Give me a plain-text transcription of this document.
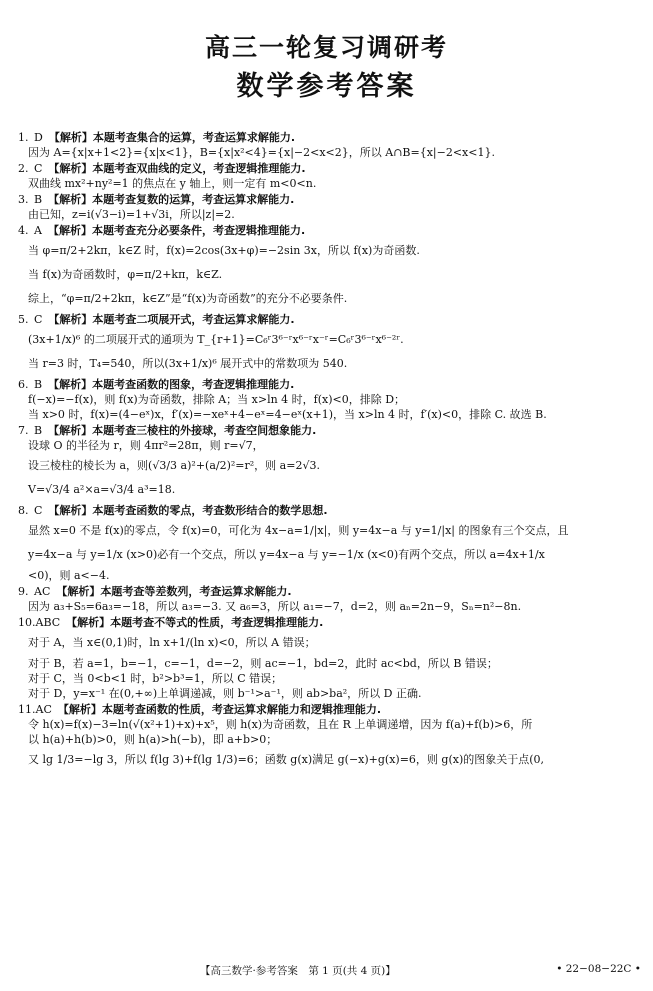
高三一轮复习调研考
数学参考答案
1. D 【解析】 本题考查集合的运算，考查运算求解能力.
因为 A={x|x+1<2}={x|x<1}，B={x|x²<4}={x|−2<x<2}，所以 A∩B={x|−2<x<1}.
2. C 【解析】 本题考查双曲线的定义，考查逻辑推理能力.
双曲线 mx²+ny²=1 的焦点在 y 轴上，则一定有 m<0<n.
3. B 【解析】 本题考查复数的运算，考查运算求解能力.
由已知，z=i(√3−i)=1+√3i，所以|z|=2.
4. A 【解析】 本题考查充分必要条件，考查逻辑推理能力.
当 φ=π/2+2kπ，k∈Z 时，f(x)=2cos(3x+φ)=−2sin 3x，所以 f(x)为奇函数.
当 f(x)为奇函数时，φ=π/2+kπ，k∈Z.
综上，“φ=π/2+2kπ，k∈Z”是“f(x)为奇函数”的充分不必要条件.
5. C 【解析】 本题考查二项展开式，考查运算求解能力.
(3x+1/x)⁶ 的二项展开式的通项为 T_{r+1}=C₆ʳ3⁶⁻ʳx⁶⁻ʳx⁻ʳ=C₆ʳ3⁶⁻ʳx⁶⁻²ʳ.
当 r=3 时，T₄=540，所以(3x+1/x)⁶ 展开式中的常数项为 540.
6. B 【解析】 本题考查函数的图象，考查逻辑推理能力.
f(−x)=−f(x)，则 f(x)为奇函数，排除 A；当 x>ln 4 时，f(x)<0，排除 D；
当 x>0 时，f(x)=(4−eˣ)x，f′(x)=−xeˣ+4−eˣ=4−eˣ(x+1)，当 x>ln 4 时，f′(x)<0，排除 C. 故选 B.
7. B 【解析】 本题考查三棱柱的外接球，考查空间想象能力.
设球 O 的半径为 r，则 4πr²=28π，则 r=√7，
设三棱柱的棱长为 a，则(√3/3 a)²+(a/2)²=r²，则 a=2√3.
V=√3/4 a²×a=√3/4 a³=18.
8. C 【解析】 本题考查函数的零点，考查数形结合的数学思想.
显然 x=0 不是 f(x)的零点，令 f(x)=0，可化为 4x−a=1/|x|，则 y=4x−a 与 y=1/|x| 的图象有三个交点，且
y=4x−a 与 y=1/x (x>0)必有一个交点，所以 y=4x−a 与 y=−1/x (x<0)有两个交点，所以 a=4x+1/x
<0)，则 a<−4.
9. AC 【解析】 本题考查等差数列，考查运算求解能力.
因为 a₃+S₅=6a₃=−18，所以 a₃=−3. 又 a₆=3，所以 a₁=−7，d=2，则 aₙ=2n−9，Sₙ=n²−8n.
10. ABC 【解析】 本题考查不等式的性质，考查逻辑推理能力.
对于 A，当 x∈(0,1)时，ln x+1/(ln x)<0，所以 A 错误；
对于 B，若 a=1，b=−1，c=−1，d=−2，则 ac=−1，bd=2，此时 ac<bd，所以 B 错误；
对于 C，当 0<b<1 时，b²>b³=1，所以 C 错误；
对于 D，y=x⁻¹ 在(0,+∞)上单调递减，则 b⁻¹>a⁻¹，则 ab>ba²，所以 D 正确.
11. AC 【解析】 本题考查函数的性质，考查运算求解能力和逻辑推理能力.
令 h(x)=f(x)−3=ln(√(x²+1)+x)+x⁵，则 h(x)为奇函数，且在 R 上单调递增，因为 f(a)+f(b)>6，所
以 h(a)+h(b)>0，则 h(a)>h(−b)，即 a+b>0；
又 lg 1/3=−lg 3，所以 f(lg 3)+f(lg 1/3)=6；函数 g(x)满足 g(−x)+g(x)=6，则 g(x)的图象关于点(0,
【高三数学·参考答案　第 1 页(共 4 页)】	• 22−08−22C •
